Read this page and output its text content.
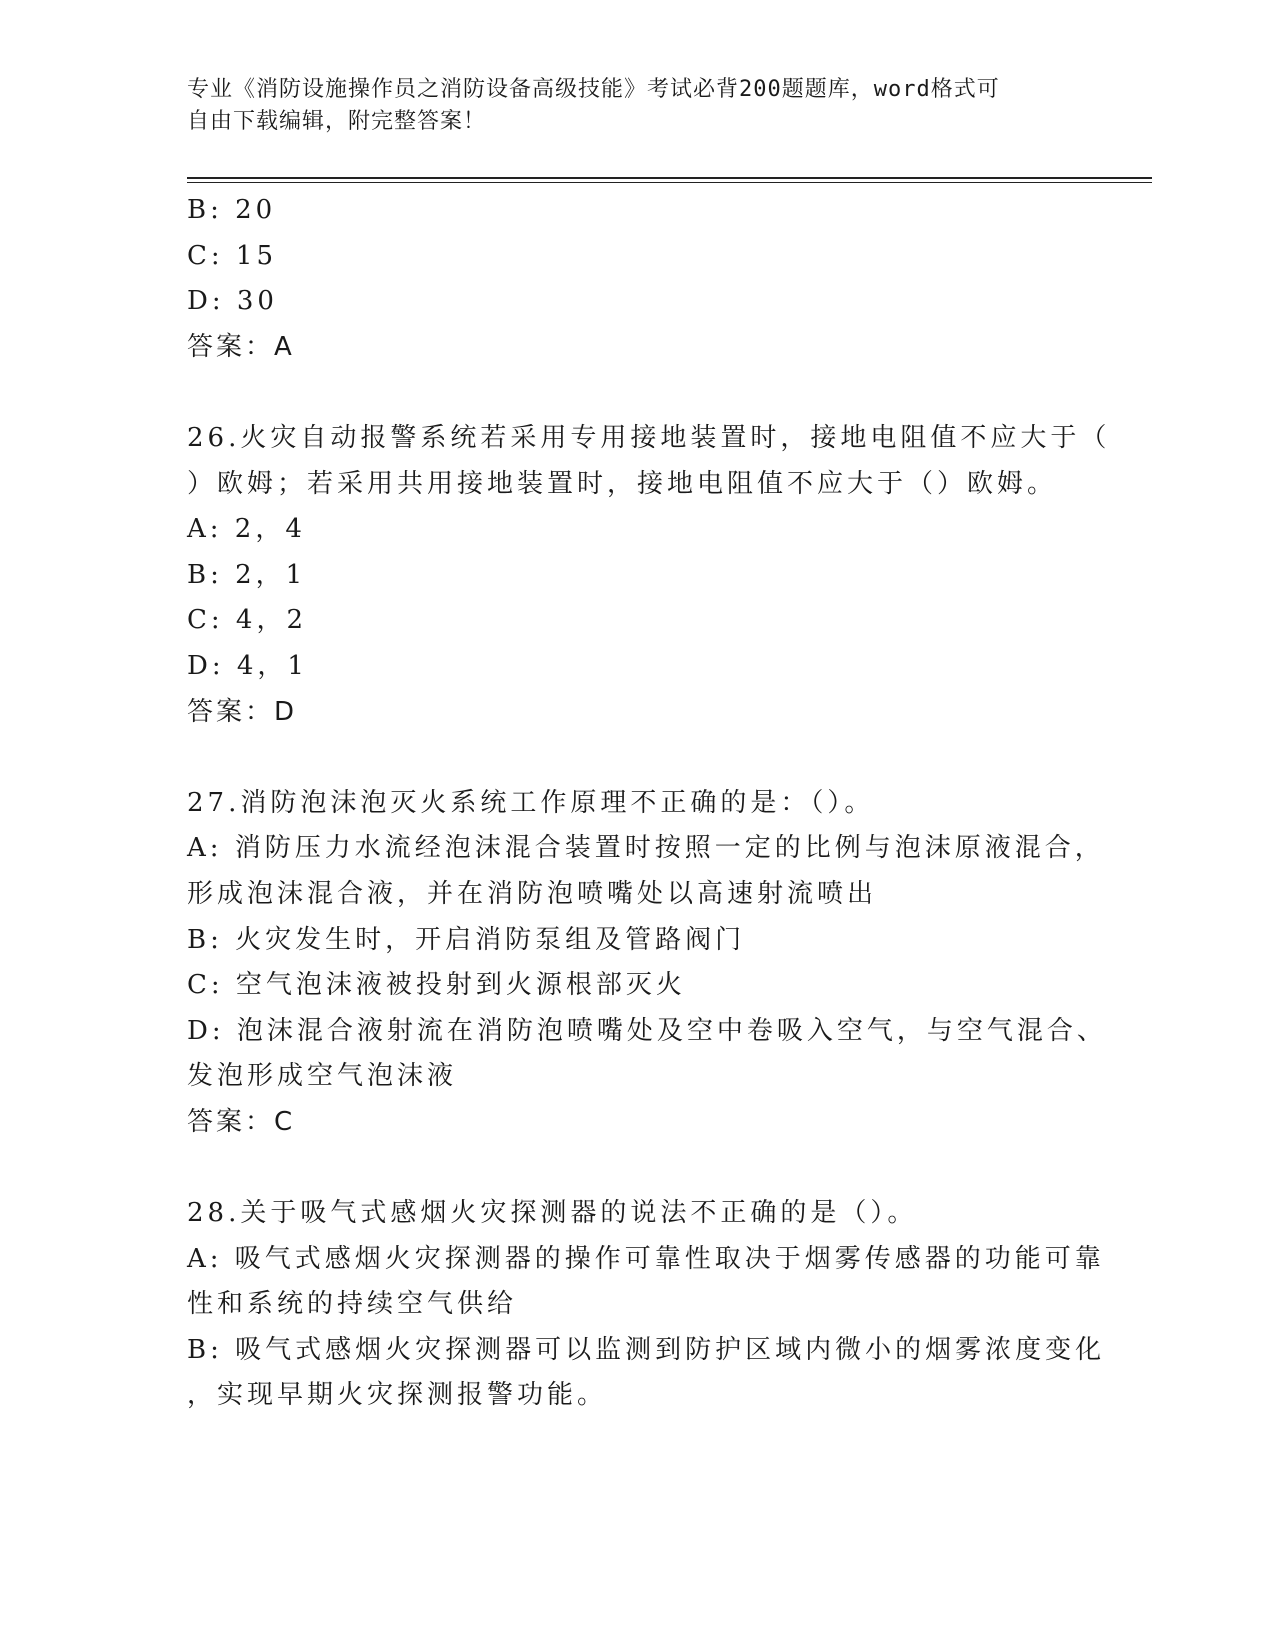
专业《消防设施操作员之消防设备高级技能》考试必背200题题库，word格式可
自由下载编辑，附完整答案！
B: 20
C: 15
D: 30
答案：A
26.火灾自动报警系统若采用专用接地装置时，接地电阻值不应大于（
）欧姆；若采用共用接地装置时，接地电阻值不应大于（）欧姆。
A: 2，4
B: 2，1
C: 4，2
D: 4，1
答案：D
27.消防泡沫泡灭火系统工作原理不正确的是：（）。
A: 消防压力水流经泡沫混合装置时按照一定的比例与泡沫原液混合，
形成泡沫混合液，并在消防泡喷嘴处以高速射流喷出
B: 火灾发生时，开启消防泵组及管路阀门
C: 空气泡沫液被投射到火源根部灭火
D: 泡沫混合液射流在消防泡喷嘴处及空中卷吸入空气，与空气混合、
发泡形成空气泡沫液
答案：C
28.关于吸气式感烟火灾探测器的说法不正确的是（）。
A: 吸气式感烟火灾探测器的操作可靠性取决于烟雾传感器的功能可靠
性和系统的持续空气供给
B: 吸气式感烟火灾探测器可以监测到防护区域内微小的烟雾浓度变化
，实现早期火灾探测报警功能。
